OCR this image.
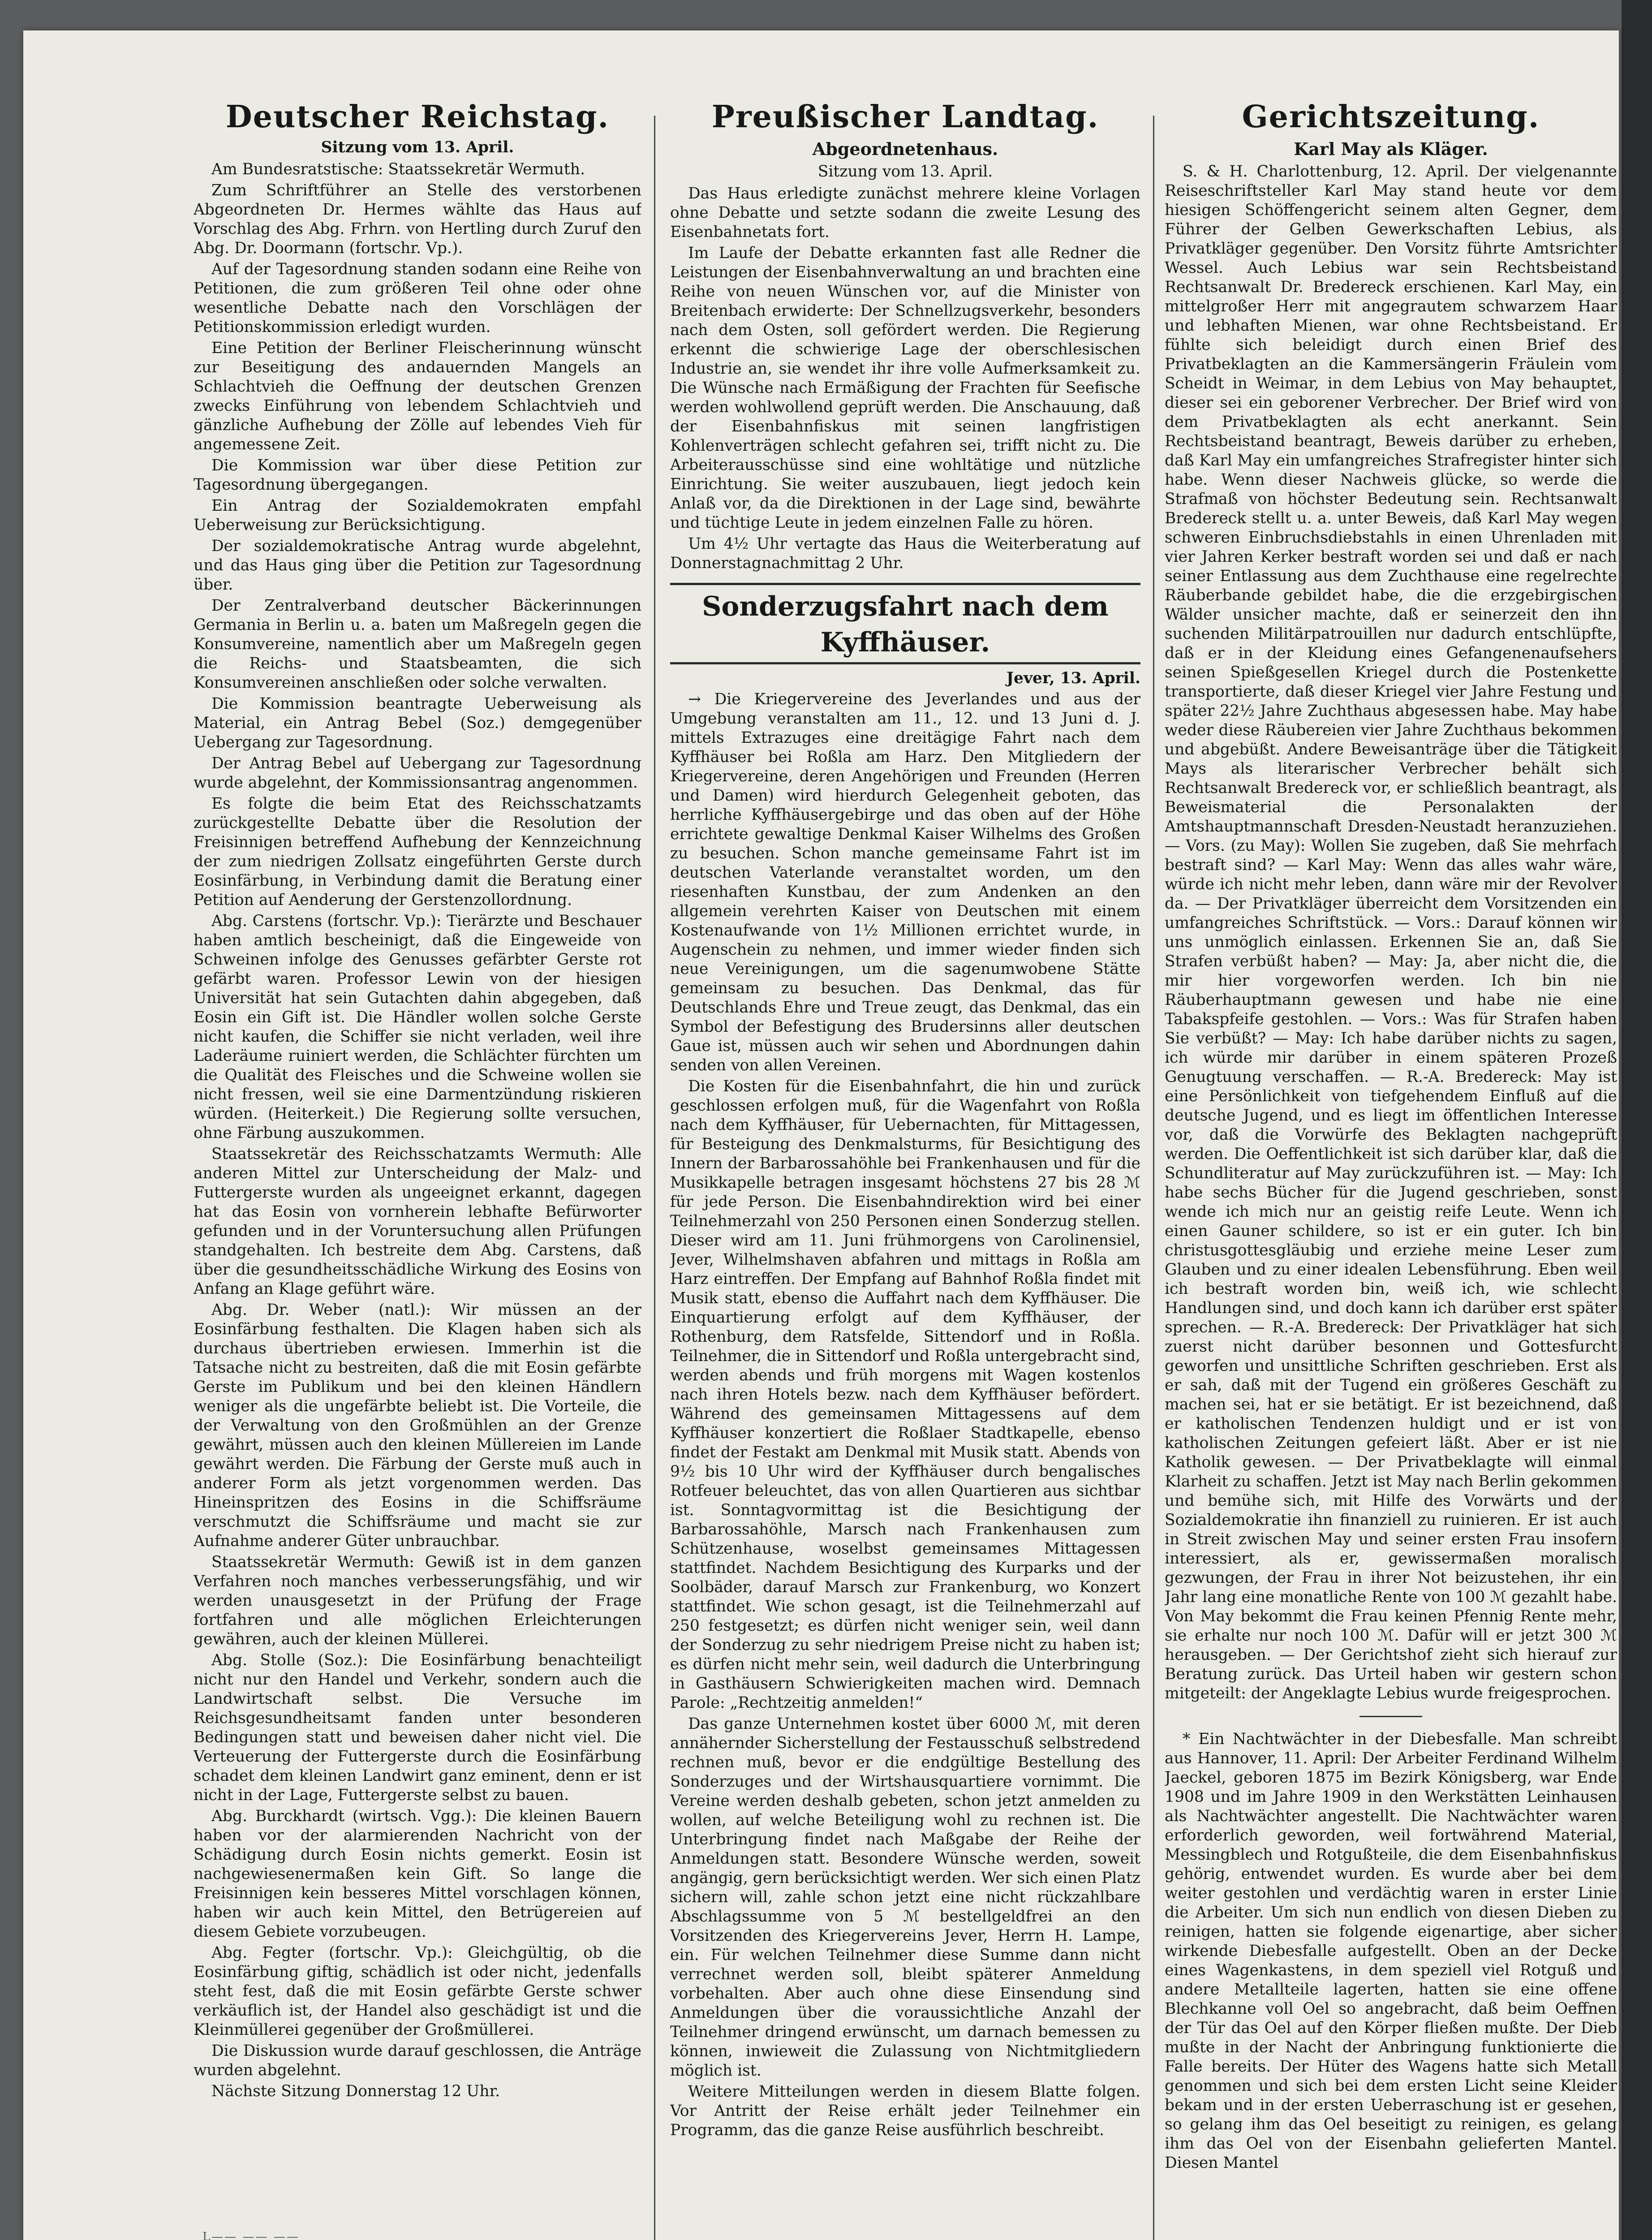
Deutscher Reichstag.
Sitzung vom 13. April.

Am Bundesratstische: Staatssekretär Wermuth.

Zum Schriftführer an Stelle des verstorbenen Abgeordneten Dr. Hermes wählte das Haus auf Vorschlag des Abg. Frhrn. von Hertling durch Zuruf den Abg. Dr. Doormann (fortschr. Vp.).

Auf der Tagesordnung standen sodann eine Reihe von Petitionen, die zum größeren Teil ohne oder ohne wesentliche Debatte nach den Vorschlägen der Petitionskommission erledigt wurden.

Eine Petition der Berliner Fleischerinnung wünscht zur Beseitigung des andauernden Mangels an Schlachtvieh die Oeffnung der deutschen Grenzen zwecks Einführung von lebendem Schlachtvieh und gänzliche Aufhebung der Zölle auf lebendes Vieh für angemessene Zeit.

Die Kommission war über diese Petition zur Tagesordnung übergegangen.

Ein Antrag der Sozialdemokraten empfahl Ueberweisung zur Berücksichtigung.

Der sozialdemokratische Antrag wurde abgelehnt, und das Haus ging über die Petition zur Tagesordnung über.

Der Zentralverband deutscher Bäckerinnungen Germania in Berlin u. a. baten um Maßregeln gegen die Konsumvereine, namentlich aber um Maßregeln gegen die Reichs- und Staatsbeamten, die sich Konsumvereinen anschließen oder solche verwalten.

Die Kommission beantragte Ueberweisung als Material, ein Antrag Bebel (Soz.) demgegenüber Uebergang zur Tagesordnung.

Der Antrag Bebel auf Uebergang zur Tagesordnung wurde abgelehnt, der Kommissionsantrag angenommen.

Es folgte die beim Etat des Reichsschatzamts zurückgestellte Debatte über die Resolution der Freisinnigen betreffend Aufhebung der Kennzeichnung der zum niedrigen Zollsatz eingeführten Gerste durch Eosinfärbung, in Verbindung damit die Beratung einer Petition auf Aenderung der Gerstenzollordnung.

Abg. Carstens (fortschr. Vp.): Tierärzte und Beschauer haben amtlich bescheinigt, daß die Eingeweide von Schweinen infolge des Genusses gefärbter Gerste rot gefärbt waren. Professor Lewin von der hiesigen Universität hat sein Gutachten dahin abgegeben, daß Eosin ein Gift ist. Die Händler wollen solche Gerste nicht kaufen, die Schiffer sie nicht verladen, weil ihre Laderäume ruiniert werden, die Schlächter fürchten um die Qualität des Fleisches und die Schweine wollen sie nicht fressen, weil sie eine Darmentzündung riskieren würden. (Heiterkeit.) Die Regierung sollte versuchen, ohne Färbung auszukommen.

Staatssekretär des Reichsschatzamts Wermuth: Alle anderen Mittel zur Unterscheidung der Malz- und Futtergerste wurden als ungeeignet erkannt, dagegen hat das Eosin von vornherein lebhafte Befürworter gefunden und in der Voruntersuchung allen Prüfungen standgehalten. Ich bestreite dem Abg. Carstens, daß über die gesundheitsschädliche Wirkung des Eosins von Anfang an Klage geführt wäre.

Abg. Dr. Weber (natl.): Wir müssen an der Eosinfärbung festhalten. Die Klagen haben sich als durchaus übertrieben erwiesen. Immerhin ist die Tatsache nicht zu bestreiten, daß die mit Eosin gefärbte Gerste im Publikum und bei den kleinen Händlern weniger als die ungefärbte beliebt ist. Die Vorteile, die der Verwaltung von den Großmühlen an der Grenze gewährt, müssen auch den kleinen Müllereien im Lande gewährt werden. Die Färbung der Gerste muß auch in anderer Form als jetzt vorgenommen werden. Das Hineinspritzen des Eosins in die Schiffsräume verschmutzt die Schiffsräume und macht sie zur Aufnahme anderer Güter unbrauchbar.

Staatssekretär Wermuth: Gewiß ist in dem ganzen Verfahren noch manches verbesserungsfähig, und wir werden unausgesetzt in der Prüfung der Frage fortfahren und alle möglichen Erleichterungen gewähren, auch der kleinen Müllerei.

Abg. Stolle (Soz.): Die Eosinfärbung benachteiligt nicht nur den Handel und Verkehr, sondern auch die Landwirtschaft selbst. Die Versuche im Reichsgesundheitsamt fanden unter besonderen Bedingungen statt und beweisen daher nicht viel. Die Verteuerung der Futtergerste durch die Eosinfärbung schadet dem kleinen Landwirt ganz eminent, denn er ist nicht in der Lage, Futtergerste selbst zu bauen.

Abg. Burckhardt (wirtsch. Vgg.): Die kleinen Bauern haben vor der alarmierenden Nachricht von der Schädigung durch Eosin nichts gemerkt. Eosin ist nachgewiesenermaßen kein Gift. So lange die Freisinnigen kein besseres Mittel vorschlagen können, haben wir auch kein Mittel, den Betrügereien auf diesem Gebiete vorzubeugen.

Abg. Fegter (fortschr. Vp.): Gleichgültig, ob die Eosinfärbung giftig, schädlich ist oder nicht, jedenfalls steht fest, daß die mit Eosin gefärbte Gerste schwer verkäuflich ist, der Handel also geschädigt ist und die Kleinmüllerei gegenüber der Großmüllerei.

Die Diskussion wurde darauf geschlossen, die Anträge wurden abgelehnt.

Nächste Sitzung Donnerstag 12 Uhr.

Preußischer Landtag.
Abgeordnetenhaus.
Sitzung vom 13. April.

Das Haus erledigte zunächst mehrere kleine Vorlagen ohne Debatte und setzte sodann die zweite Lesung des Eisenbahnetats fort.

Im Laufe der Debatte erkannten fast alle Redner die Leistungen der Eisenbahnverwaltung an und brachten eine Reihe von neuen Wünschen vor, auf die Minister von Breitenbach erwiderte: Der Schnellzugsverkehr, besonders nach dem Osten, soll gefördert werden. Die Regierung erkennt die schwierige Lage der oberschlesischen Industrie an, sie wendet ihr ihre volle Aufmerksamkeit zu. Die Wünsche nach Ermäßigung der Frachten für Seefische werden wohlwollend geprüft werden. Die Anschauung, daß der Eisenbahnfiskus mit seinen langfristigen Kohlenverträgen schlecht gefahren sei, trifft nicht zu. Die Arbeiterausschüsse sind eine wohltätige und nützliche Einrichtung. Sie weiter auszubauen, liegt jedoch kein Anlaß vor, da die Direktionen in der Lage sind, bewährte und tüchtige Leute in jedem einzelnen Falle zu hören.

Um 4½ Uhr vertagte das Haus die Weiterberatung auf Donnerstagnachmittag 2 Uhr.

Sonderzugsfahrt nach dem Kyffhäuser.
Jever, 13. April.

→ Die Kriegervereine des Jeverlandes und aus der Umgebung veranstalten am 11., 12. und 13 Juni d. J. mittels Extrazuges eine dreitägige Fahrt nach dem Kyffhäuser bei Roßla am Harz. Den Mitgliedern der Kriegervereine, deren Angehörigen und Freunden (Herren und Damen) wird hierdurch Gelegenheit geboten, das herrliche Kyffhäusergebirge und das oben auf der Höhe errichtete gewaltige Denkmal Kaiser Wilhelms des Großen zu besuchen. Schon manche gemeinsame Fahrt ist im deutschen Vaterlande veranstaltet worden, um den riesenhaften Kunstbau, der zum Andenken an den allgemein verehrten Kaiser von Deutschen mit einem Kostenaufwande von 1½ Millionen errichtet wurde, in Augenschein zu nehmen, und immer wieder finden sich neue Vereinigungen, um die sagenumwobene Stätte gemeinsam zu besuchen. Das Denkmal, das für Deutschlands Ehre und Treue zeugt, das Denkmal, das ein Symbol der Befestigung des Brudersinns aller deutschen Gaue ist, müssen auch wir sehen und Abordnungen dahin senden von allen Vereinen.

Die Kosten für die Eisenbahnfahrt, die hin und zurück geschlossen erfolgen muß, für die Wagenfahrt von Roßla nach dem Kyffhäuser, für Uebernachten, für Mittagessen, für Besteigung des Denkmalsturms, für Besichtigung des Innern der Barbarossahöhle bei Frankenhausen und für die Musikkapelle betragen insgesamt höchstens 27 bis 28 ℳ für jede Person. Die Eisenbahndirektion wird bei einer Teilnehmerzahl von 250 Personen einen Sonderzug stellen. Dieser wird am 11. Juni frühmorgens von Carolinensiel, Jever, Wilhelmshaven abfahren und mittags in Roßla am Harz eintreffen. Der Empfang auf Bahnhof Roßla findet mit Musik statt, ebenso die Auffahrt nach dem Kyffhäuser. Die Einquartierung erfolgt auf dem Kyffhäuser, der Rothenburg, dem Ratsfelde, Sittendorf und in Roßla. Teilnehmer, die in Sittendorf und Roßla untergebracht sind, werden abends und früh morgens mit Wagen kostenlos nach ihren Hotels bezw. nach dem Kyffhäuser befördert. Während des gemeinsamen Mittagessens auf dem Kyffhäuser konzertiert die Roßlaer Stadtkapelle, ebenso findet der Festakt am Denkmal mit Musik statt. Abends von 9½ bis 10 Uhr wird der Kyffhäuser durch bengalisches Rotfeuer beleuchtet, das von allen Quartieren aus sichtbar ist. Sonntagvormittag ist die Besichtigung der Barbarossahöhle, Marsch nach Frankenhausen zum Schützenhause, woselbst gemeinsames Mittagessen stattfindet. Nachdem Besichtigung des Kurparks und der Soolbäder, darauf Marsch zur Frankenburg, wo Konzert stattfindet. Wie schon gesagt, ist die Teilnehmerzahl auf 250 festgesetzt; es dürfen nicht weniger sein, weil dann der Sonderzug zu sehr niedrigem Preise nicht zu haben ist; es dürfen nicht mehr sein, weil dadurch die Unterbringung in Gasthäusern Schwierigkeiten machen wird. Demnach Parole: „Rechtzeitig anmelden!“

Das ganze Unternehmen kostet über 6000 ℳ, mit deren annähernder Sicherstellung der Festausschuß selbstredend rechnen muß, bevor er die endgültige Bestellung des Sonderzuges und der Wirtshausquartiere vornimmt. Die Vereine werden deshalb gebeten, schon jetzt anmelden zu wollen, auf welche Beteiligung wohl zu rechnen ist. Die Unterbringung findet nach Maßgabe der Reihe der Anmeldungen statt. Besondere Wünsche werden, soweit angängig, gern berücksichtigt werden. Wer sich einen Platz sichern will, zahle schon jetzt eine nicht rückzahlbare Abschlagssumme von 5 ℳ bestellgeldfrei an den Vorsitzenden des Kriegervereins Jever, Herrn H. Lampe, ein. Für welchen Teilnehmer diese Summe dann nicht verrechnet werden soll, bleibt späterer Anmeldung vorbehalten. Aber auch ohne diese Einsendung sind Anmeldungen über die voraussichtliche Anzahl der Teilnehmer dringend erwünscht, um darnach bemessen zu können, inwieweit die Zulassung von Nichtmitgliedern möglich ist.

Weitere Mitteilungen werden in diesem Blatte folgen. Vor Antritt der Reise erhält jeder Teilnehmer ein Programm, das die ganze Reise ausführlich beschreibt.

Gerichtszeitung.
Karl May als Kläger.

S. & H. Charlottenburg, 12. April. Der vielgenannte Reiseschriftsteller Karl May stand heute vor dem hiesigen Schöffengericht seinem alten Gegner, dem Führer der Gelben Gewerkschaften Lebius, als Privatkläger gegenüber. Den Vorsitz führte Amtsrichter Wessel. Auch Lebius war sein Rechtsbeistand Rechtsanwalt Dr. Bredereck erschienen. Karl May, ein mittelgroßer Herr mit angegrautem schwarzem Haar und lebhaften Mienen, war ohne Rechtsbeistand. Er fühlte sich beleidigt durch einen Brief des Privatbeklagten an die Kammersängerin Fräulein vom Scheidt in Weimar, in dem Lebius von May behauptet, dieser sei ein geborener Verbrecher. Der Brief wird von dem Privatbeklagten als echt anerkannt. Sein Rechtsbeistand beantragt, Beweis darüber zu erheben, daß Karl May ein umfangreiches Strafregister hinter sich habe. Wenn dieser Nachweis glücke, so werde die Strafmaß von höchster Bedeutung sein. Rechtsanwalt Bredereck stellt u. a. unter Beweis, daß Karl May wegen schweren Einbruchsdiebstahls in einen Uhrenladen mit vier Jahren Kerker bestraft worden sei und daß er nach seiner Entlassung aus dem Zuchthause eine regelrechte Räuberbande gebildet habe, die die erzgebirgischen Wälder unsicher machte, daß er seinerzeit den ihn suchenden Militärpatrouillen nur dadurch entschlüpfte, daß er in der Kleidung eines Gefangenenaufsehers seinen Spießgesellen Kriegel durch die Postenkette transportierte, daß dieser Kriegel vier Jahre Festung und später 22½ Jahre Zuchthaus abgesessen habe. May habe weder diese Räubereien vier Jahre Zuchthaus bekommen und abgebüßt. Andere Beweisanträge über die Tätigkeit Mays als literarischer Verbrecher behält sich Rechtsanwalt Bredereck vor, er schließlich beantragt, als Beweismaterial die Personalakten der Amtshauptmannschaft Dresden-Neustadt heranzuziehen. — Vors. (zu May): Wollen Sie zugeben, daß Sie mehrfach bestraft sind? — Karl May: Wenn das alles wahr wäre, würde ich nicht mehr leben, dann wäre mir der Revolver da. — Der Privatkläger überreicht dem Vorsitzenden ein umfangreiches Schriftstück. — Vors.: Darauf können wir uns unmöglich einlassen. Erkennen Sie an, daß Sie Strafen verbüßt haben? — May: Ja, aber nicht die, die mir hier vorgeworfen werden. Ich bin nie Räuberhauptmann gewesen und habe nie eine Tabakspfeife gestohlen. — Vors.: Was für Strafen haben Sie verbüßt? — May: Ich habe darüber nichts zu sagen, ich würde mir darüber in einem späteren Prozeß Genugtuung verschaffen. — R.-A. Bredereck: May ist eine Persönlichkeit von tiefgehendem Einfluß auf die deutsche Jugend, und es liegt im öffentlichen Interesse vor, daß die Vorwürfe des Beklagten nachgeprüft werden. Die Oeffentlichkeit ist sich darüber klar, daß die Schundliteratur auf May zurückzuführen ist. — May: Ich habe sechs Bücher für die Jugend geschrieben, sonst wende ich mich nur an geistig reife Leute. Wenn ich einen Gauner schildere, so ist er ein guter. Ich bin christusgottesgläubig und erziehe meine Leser zum Glauben und zu einer idealen Lebensführung. Eben weil ich bestraft worden bin, weiß ich, wie schlecht Handlungen sind, und doch kann ich darüber erst später sprechen. — R.-A. Bredereck: Der Privatkläger hat sich zuerst nicht darüber besonnen und Gottesfurcht geworfen und unsittliche Schriften geschrieben. Erst als er sah, daß mit der Tugend ein größeres Geschäft zu machen sei, hat er sie betätigt. Er ist bezeichnend, daß er katholischen Tendenzen huldigt und er ist von katholischen Zeitungen gefeiert läßt. Aber er ist nie Katholik gewesen. — Der Privatbeklagte will einmal Klarheit zu schaffen. Jetzt ist May nach Berlin gekommen und bemühe sich, mit Hilfe des Vorwärts und der Sozialdemokratie ihn finanziell zu ruinieren. Er ist auch in Streit zwischen May und seiner ersten Frau insofern interessiert, als er, gewissermaßen moralisch gezwungen, der Frau in ihrer Not beizustehen, ihr ein Jahr lang eine monatliche Rente von 100 ℳ gezahlt habe. Von May bekommt die Frau keinen Pfennig Rente mehr, sie erhalte nur noch 100 ℳ. Dafür will er jetzt 300 ℳ herausgeben. — Der Gerichtshof zieht sich hierauf zur Beratung zurück. Das Urteil haben wir gestern schon mitgeteilt: der Angeklagte Lebius wurde freigesprochen.

* Ein Nachtwächter in der Diebesfalle. Man schreibt aus Hannover, 11. April: Der Arbeiter Ferdinand Wilhelm Jaeckel, geboren 1875 im Bezirk Königsberg, war Ende 1908 und im Jahre 1909 in den Werkstätten Leinhausen als Nachtwächter angestellt. Die Nachtwächter waren erforderlich geworden, weil fortwährend Material, Messingblech und Rotgußteile, die dem Eisenbahnfiskus gehörig, entwendet wurden. Es wurde aber bei dem weiter gestohlen und verdächtig waren in erster Linie die Arbeiter. Um sich nun endlich von diesen Dieben zu reinigen, hatten sie folgende eigenartige, aber sicher wirkende Diebesfalle aufgestellt. Oben an der Decke eines Wagenkastens, in dem speziell viel Rotguß und andere Metallteile lagerten, hatten sie eine offene Blechkanne voll Oel so angebracht, daß beim Oeffnen der Tür das Oel auf den Körper fließen mußte. Der Dieb mußte in der Nacht der Anbringung funktionierte die Falle bereits. Der Hüter des Wagens hatte sich Metall genommen und sich bei dem ersten Licht seine Kleider bekam und in der ersten Ueberraschung ist er gesehen, so gelang ihm das Oel beseitigt zu reinigen, es gelang ihm das Oel von der Eisenbahn gelieferten Mantel. Diesen Mantel

L—— —— ——
